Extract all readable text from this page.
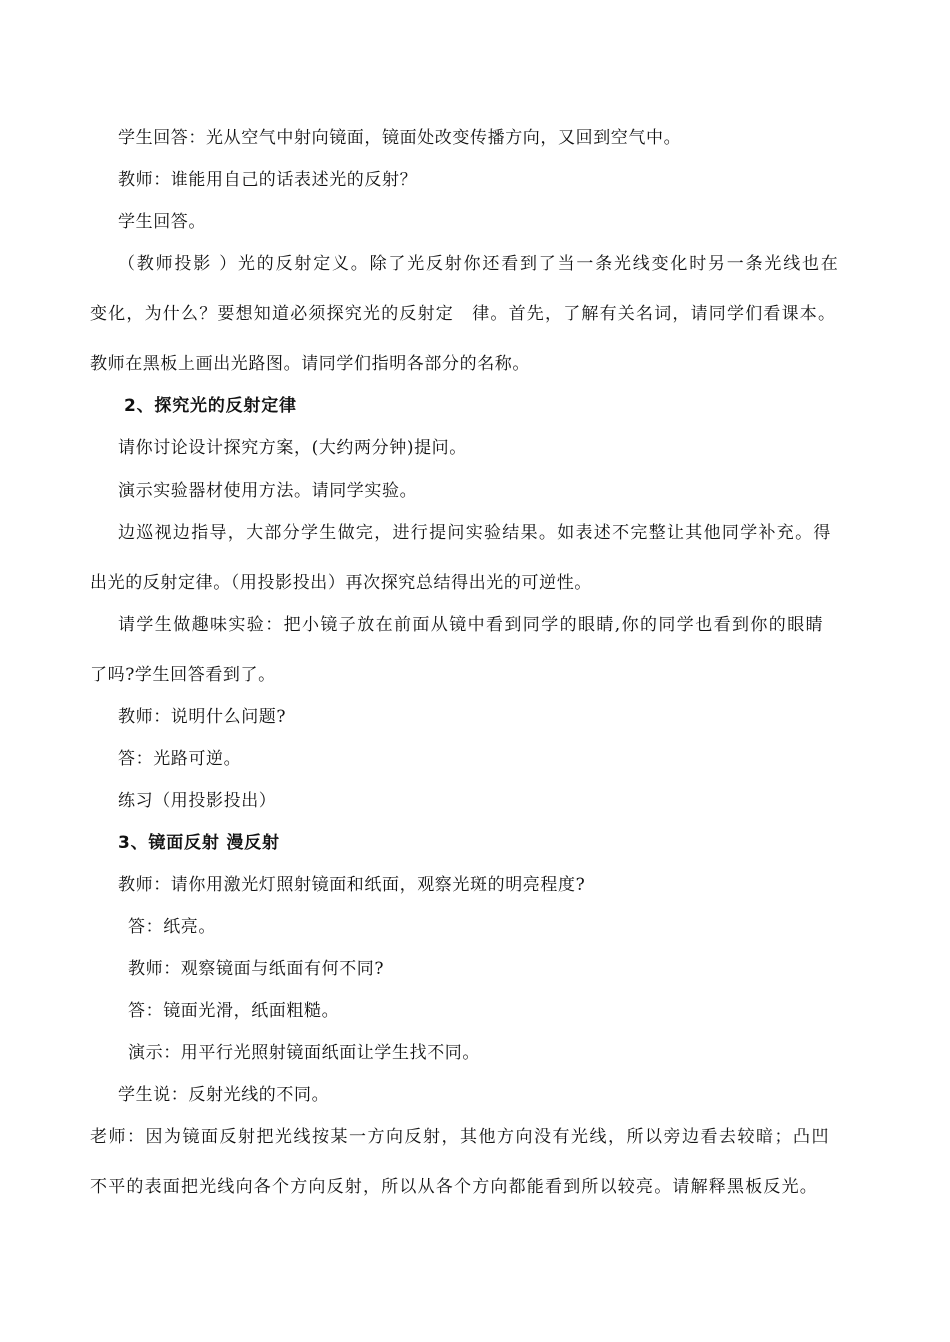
学生回答：光从空气中射向镜面，镜面处改变传播方向，又回到空气中。

教师：谁能用自己的话表述光的反射？

学生回答。

（教师投影 ）光的反射定义。除了光反射你还看到了当一条光线变化时另一条光线也在

变化，为什么？要想知道必须探究光的反射定　律。首先，了解有关名词，请同学们看课本。

教师在黑板上画出光路图。请同学们指明各部分的名称。

2、探究光的反射定律

请你讨论设计探究方案，(大约两分钟)提问。

演示实验器材使用方法。请同学实验。

边巡视边指导，大部分学生做完，进行提问实验结果。如表述不完整让其他同学补充。得

出光的反射定律。（用投影投出）再次探究总结得出光的可逆性。

请学生做趣味实验：把小镜子放在前面从镜中看到同学的眼睛,你的同学也看到你的眼睛

了吗?学生回答看到了。

教师：说明什么问题?

答：光路可逆。

练习（用投影投出）

3、镜面反射 漫反射

教师：请你用激光灯照射镜面和纸面，观察光斑的明亮程度?

答：纸亮。

教师：观察镜面与纸面有何不同?

答：镜面光滑，纸面粗糙。

演示：用平行光照射镜面纸面让学生找不同。

学生说：反射光线的不同。

老师：因为镜面反射把光线按某一方向反射，其他方向没有光线，所以旁边看去较暗；凸凹

不平的表面把光线向各个方向反射，所以从各个方向都能看到所以较亮。请解释黑板反光。
